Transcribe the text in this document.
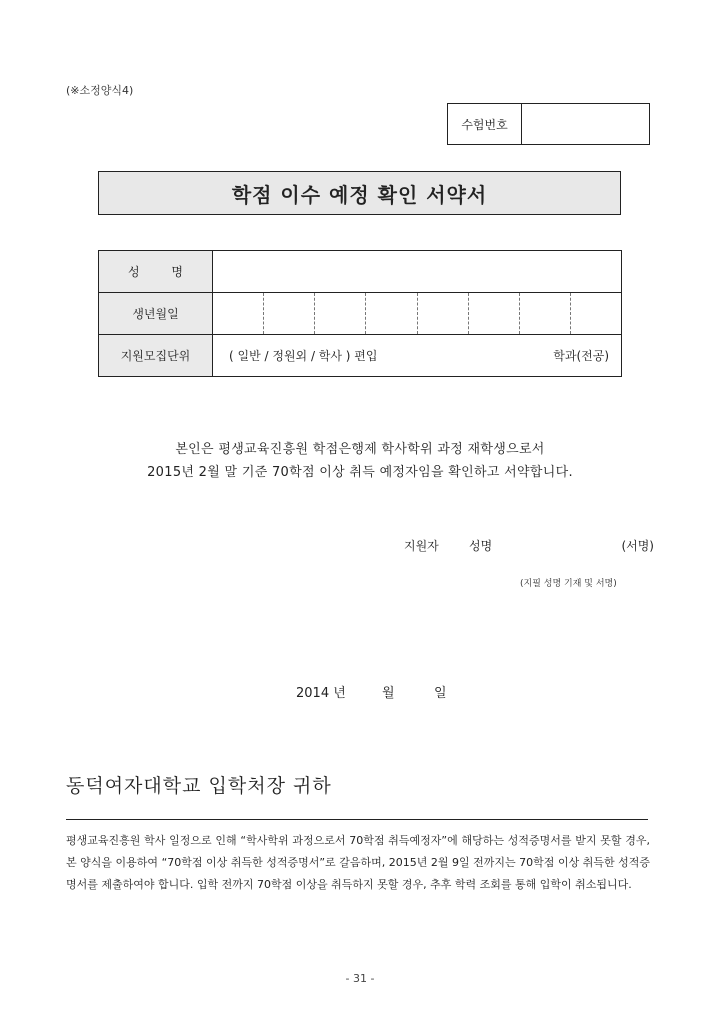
(※소정양식4)
수험번호
학점 이수 예정 확인 서약서
성 명	
생년월일	

지원모집단위	( 일반 / 정원외 / 학사 ) 편입 학과(전공)
본인은 평생교육진흥원 학점은행제 학사학위 과정 재학생으로서
2015년 2월 말 기준 70학점 이상 취득 예정자임을 확인하고 서약합니다.
지원자	성명	(서명)
(지필 성명 기재 및 서명)
2014 년	월	일
동덕여자대학교 입학처장 귀하
평생교육진흥원 학사 일정으로 인해 “학사학위 과정으로서 70학점 취득예정자”에 해당하는 성적증명서를 받지 못할 경우, 본 양식을 이용하여 “70학점 이상 취득한 성적증명서”로 갈음하며, 2015년 2월 9일 전까지는 70학점 이상 취득한 성적증명서를 제출하여야 합니다. 입학 전까지 70학점 이상을 취득하지 못할 경우, 추후 학력 조회를 통해 입학이 취소됩니다.
- 31 -
